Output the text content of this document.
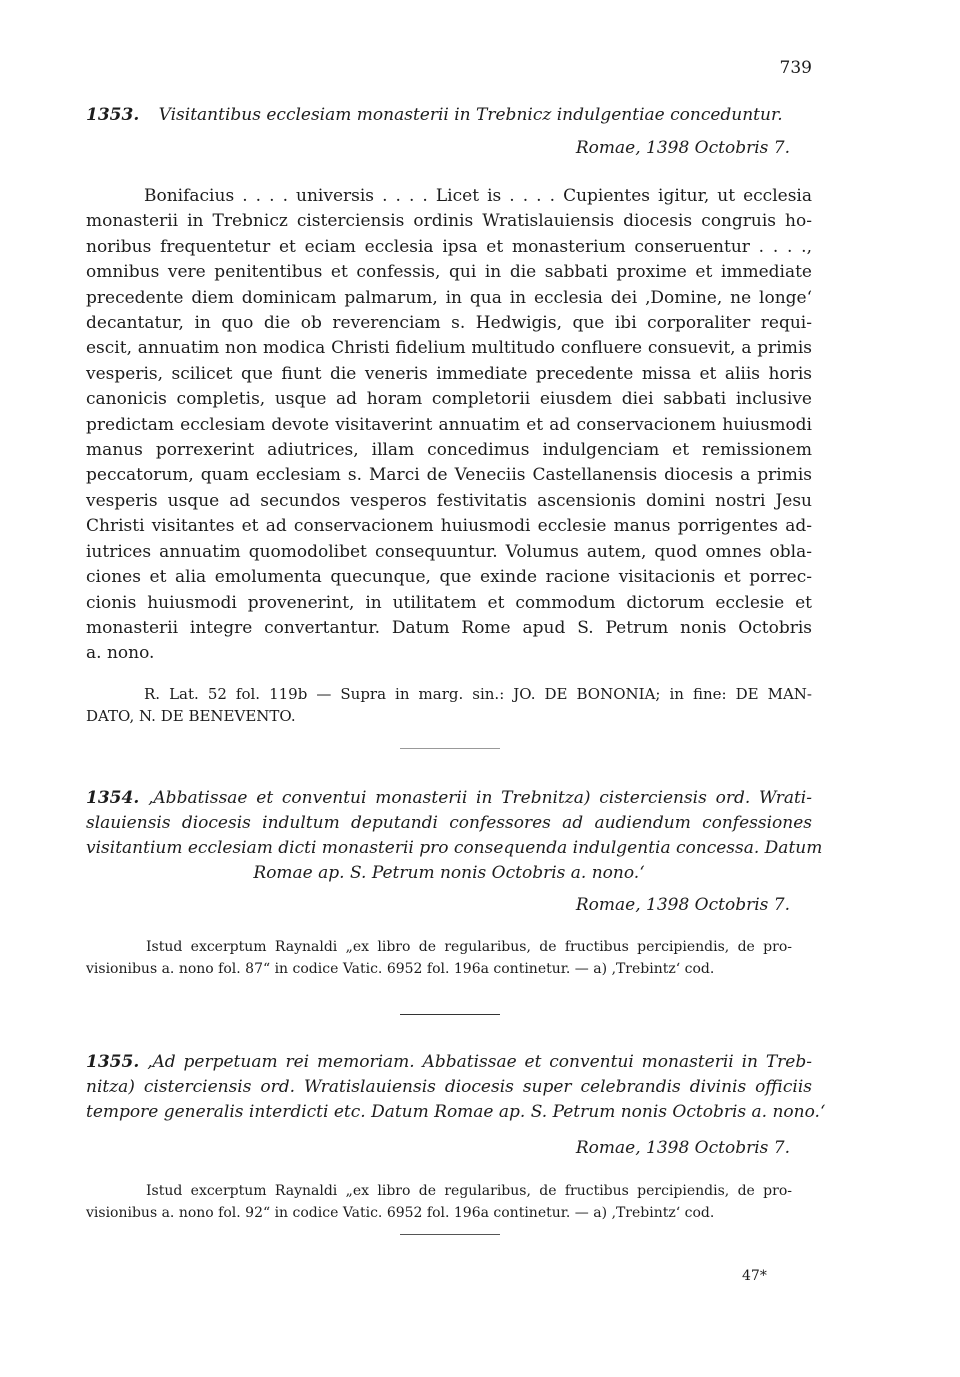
739
1353. Visitantibus ecclesiam monasterii in Trebnicz indulgentiae conceduntur.
Romae, 1398 Octobris 7.
Bonifacius . . . . universis . . . . Licet is . . . . Cupientes igitur, ut ecclesia
monasterii in Trebnicz cisterciensis ordinis Wratislauiensis diocesis congruis ho-
noribus frequentetur et eciam ecclesia ipsa et monasterium conseruentur . . . .,
omnibus vere penitentibus et confessis, qui in die sabbati proxime et immediate
precedente diem dominicam palmarum, in qua in ecclesia dei ‚Domine, ne longe‘
decantatur, in quo die ob reverenciam s. Hedwigis, que ibi corporaliter requi-
escit, annuatim non modica Christi fidelium multitudo confluere consuevit, a primis
vesperis, scilicet que fiunt die veneris immediate precedente missa et aliis horis
canonicis completis, usque ad horam completorii eiusdem diei sabbati inclusive
predictam ecclesiam devote visitaverint annuatim et ad conservacionem huiusmodi
manus porrexerint adiutrices, illam concedimus indulgenciam et remissionem
peccatorum, quam ecclesiam s. Marci de Veneciis Castellanensis diocesis a primis
vesperis usque ad secundos vesperos festivitatis ascensionis domini nostri Jesu
Christi visitantes et ad conservacionem huiusmodi ecclesie manus porrigentes ad-
iutrices annuatim quomodolibet consequuntur. Volumus autem, quod omnes obla-
ciones et alia emolumenta quecunque, que exinde racione visitacionis et porrec-
cionis huiusmodi provenerint, in utilitatem et commodum dictorum ecclesie et
monasterii integre convertantur. Datum Rome apud S. Petrum nonis Octobris
a. nono.
R. Lat. 52 fol. 119b — Supra in marg. sin.: JO. DE BONONIA; in fine: DE MAN-
DATO, N. DE BENEVENTO.
1354. ‚Abbatissae et conventui monasterii in Trebnitza) cisterciensis ord. Wrati-
slauiensis diocesis indultum deputandi confessores ad audiendum confessiones
visitantium ecclesiam dicti monasterii pro consequenda indulgentia concessa. Datum
Romae ap. S. Petrum nonis Octobris a. nono.‘
Romae, 1398 Octobris 7.
Istud excerptum Raynaldi „ex libro de regularibus, de fructibus percipiendis, de pro-
visionibus a. nono fol. 87“ in codice Vatic. 6952 fol. 196a continetur. — a) ‚Trebintz‘ cod.
1355. ‚Ad perpetuam rei memoriam. Abbatissae et conventui monasterii in Treb-
nitza) cisterciensis ord. Wratislauiensis diocesis super celebrandis divinis officiis
tempore generalis interdicti etc. Datum Romae ap. S. Petrum nonis Octobris a. nono.‘
Romae, 1398 Octobris 7.
Istud excerptum Raynaldi „ex libro de regularibus, de fructibus percipiendis, de pro-
visionibus a. nono fol. 92“ in codice Vatic. 6952 fol. 196a continetur. — a) ‚Trebintz‘ cod.
47*
